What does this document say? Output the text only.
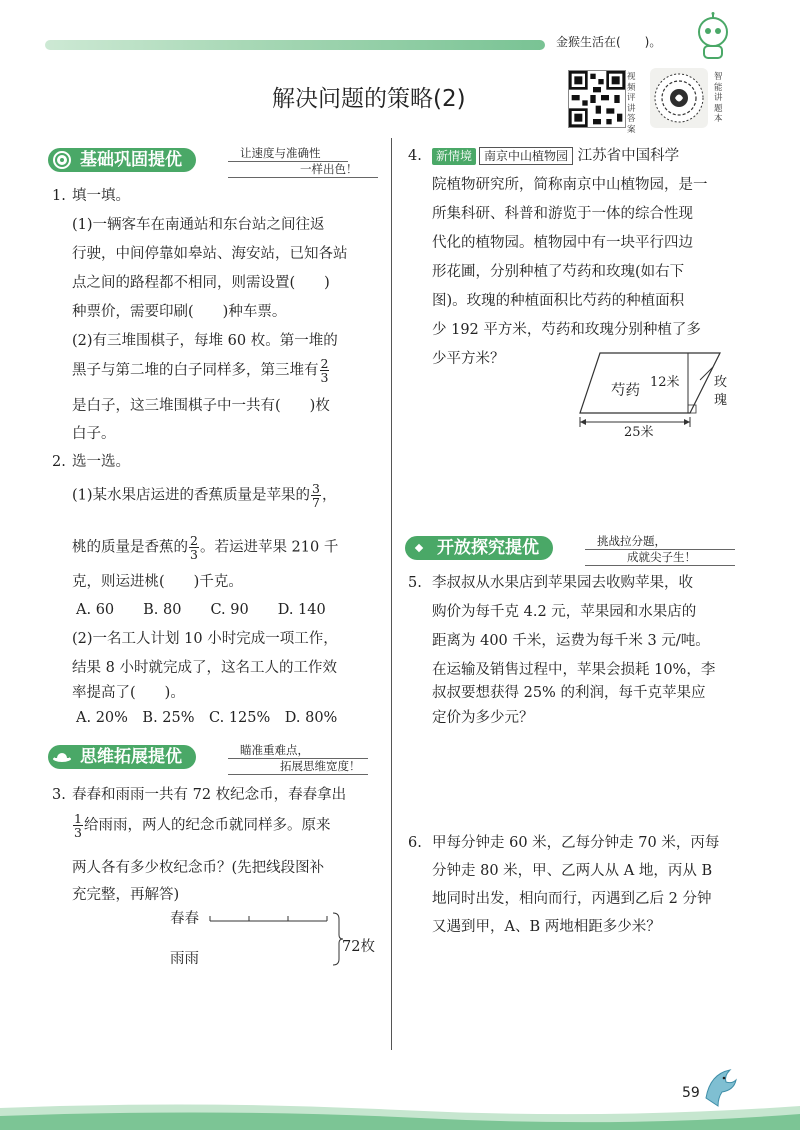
金猴生活在(　　)。
解决问题的策略(2)
视频评讲答案
智能讲题本
基础巩固提优	让速度与准确性
一样出色！
1. 填一填。
(1)一辆客车在南通站和东台站之间往返
行驶，中间停靠如皋站、海安站，已知各站
点之间的路程都不相同，则需设置(　　)
种票价，需要印刷(　　)种车票。
(2)有三堆围棋子，每堆 60 枚。第一堆的
黑子与第二堆的白子同样多，第三堆有 $\frac{2}{3}$
是白子，这三堆围棋子中一共有(　　)枚
白子。
2. 选一选。
(1)某水果店运进的香蕉质量是苹果的 $\frac{3}{7}$ ，
桃的质量是香蕉的 $\frac{2}{3}$ 。若运进苹果 210 千
克，则运进桃(　　)千克。
A. 60　　B. 80　　C. 90　　D. 140
(2)一名工人计划 10 小时完成一项工作，
结果 8 小时就完成了，这名工人的工作效
率提高了(　　)。
A. 20%　B. 25%　C. 125%　D. 80%
思维拓展提优	瞄准重难点，
拓展思维宽度！
3. 春春和雨雨一共有 72 枚纪念币，春春拿出
$\frac{1}{3}$ 给雨雨，两人的纪念币就同样多。原来
两人各有多少枚纪念币？(先把线段图补
充完整，再解答)
春春
雨雨
72枚
4.	新情境 南京中山植物园 江苏省中国科学
院植物研究所，简称南京中山植物园，是一
所集科研、科普和游览于一体的综合性现
代化的植物园。植物园中有一块平行四边
形花圃，分别种植了芍药和玫瑰(如右下
图)。玫瑰的种植面积比芍药的种植面积
少 192 平方米，芍药和玫瑰分别种植了多
少平方米？
芍药
12米	玫
瑰
25米
开放探究提优	挑战拉分题，
成就尖子生！
5. 李叔叔从水果店到苹果园去收购苹果，收
购价为每千克 4.2 元，苹果园和水果店的
距离为 400 千米，运费为每千米 3 元/吨。
在运输及销售过程中，苹果会损耗 10%，李
叔叔要想获得 25% 的利润，每千克苹果应
定价为多少元？
6. 甲每分钟走 60 米，乙每分钟走 70 米，丙每
分钟走 80 米，甲、乙两人从 A 地，丙从 B
地同时出发，相向而行，丙遇到乙后 2 分钟
又遇到甲，A、B 两地相距多少米？
59
